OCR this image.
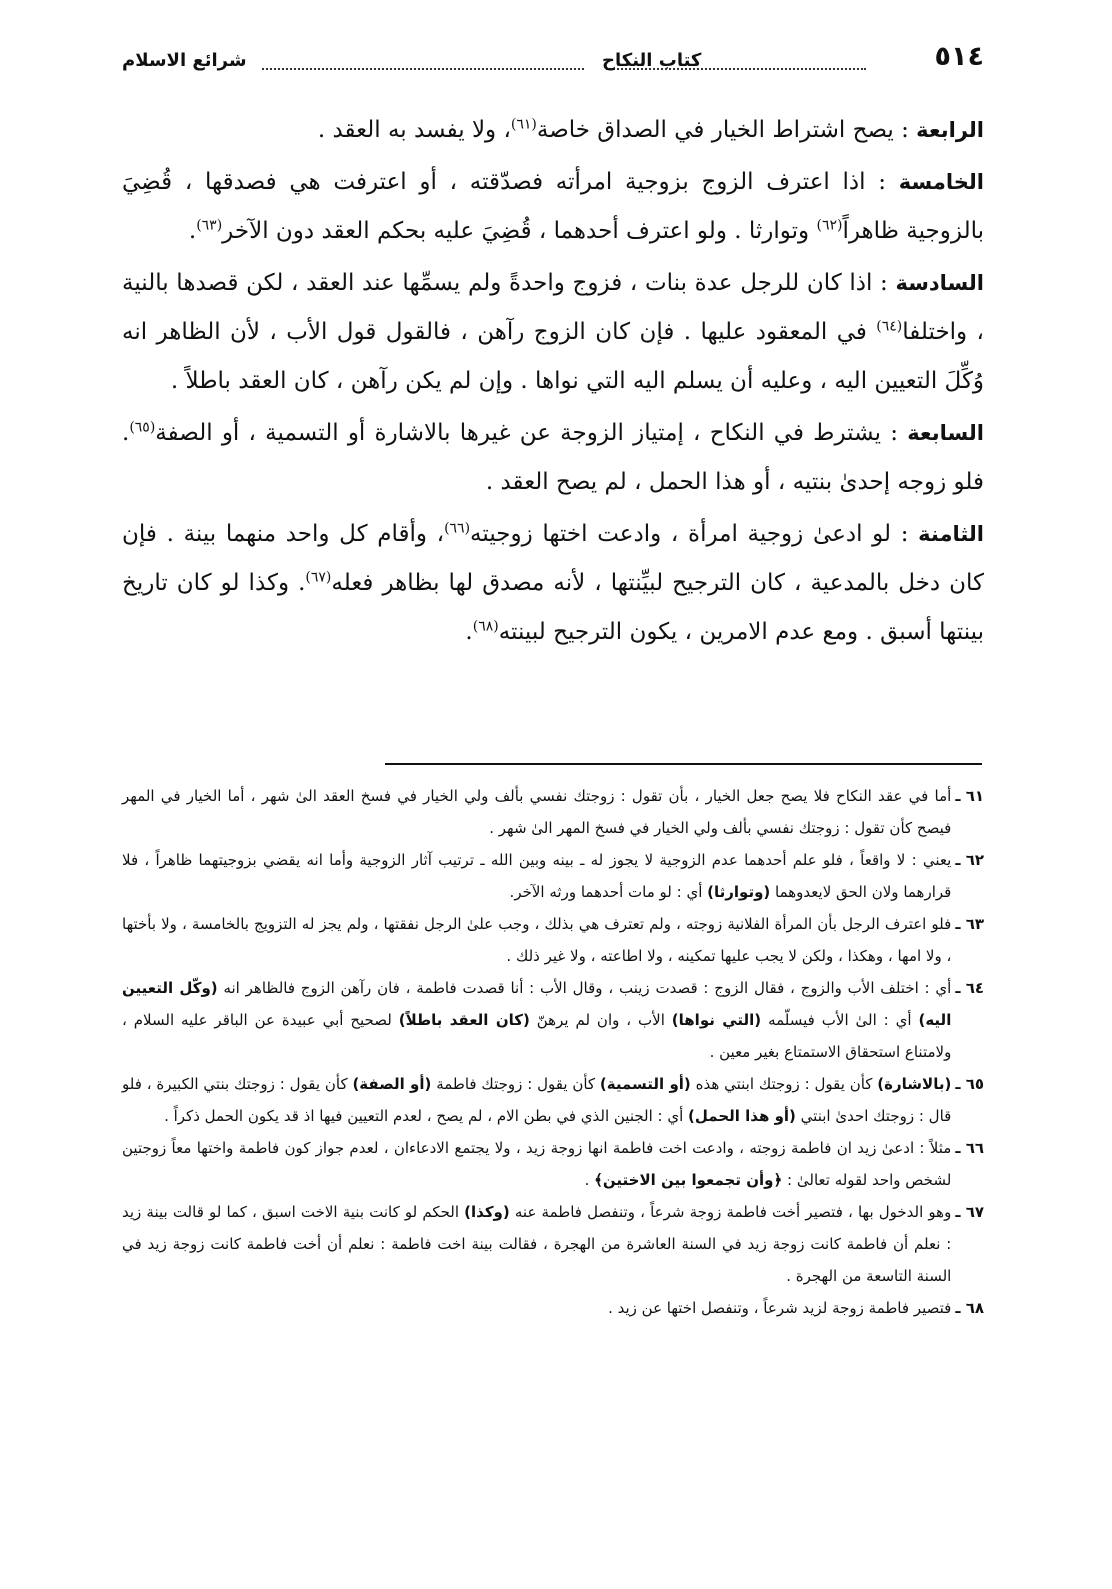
٥١٤
كتاب النكاح
شرائع الاسلام

الرابعة : يصح اشتراط الخيار في الصداق خاصة$^{(٦١)}$، ولا يفسد به العقد .

الخامسة : اذا اعترف الزوج بزوجية امرأته فصدّقته ، أو اعترفت هي فصدقها ، قُضِيَ بالزوجية ظاهراً$^{(٦٢)}$ وتوارثا . ولو اعترف أحدهما ، قُضِيَ عليه بحكم العقد دون الآخر$^{(٦٣)}$.

السادسة : اذا كان للرجل عدة بنات ، فزوج واحدةً ولم يسمِّها عند العقد ، لكن قصدها بالنية ، واختلفا$^{(٦٤)}$ في المعقود عليها . فإن كان الزوج رآهن ، فالقول قول الأب ، لأن الظاهر انه وُكِّلَ التعيين اليه ، وعليه أن يسلم اليه التي نواها . وإن لم يكن رآهن ، كان العقد باطلاً .

السابعة : يشترط في النكاح ، إمتياز الزوجة عن غيرها بالاشارة أو التسمية ، أو الصفة$^{(٦٥)}$. فلو زوجه إحدىٰ بنتيه ، أو هذا الحمل ، لم يصح العقد .

الثامنة : لو ادعىٰ زوجية امرأة ، وادعت اختها زوجيته$^{(٦٦)}$، وأقام كل واحد منهما بينة . فإن كان دخل بالمدعية ، كان الترجيح لبيِّنتها ، لأنه مصدق لها بظاهر فعله$^{(٦٧)}$. وكذا لو كان تاريخ بينتها أسبق . ومع عدم الامرين ، يكون الترجيح لبينته$^{(٦٨)}$.

٦١ ـ
أما في عقد النكاح فلا يصح جعل الخيار ، بأن تقول : زوجتك نفسي بألف ولي الخيار في فسخ العقد الىٰ شهر ، أما الخيار في المهر فيصح كأن تقول : زوجتك نفسي بألف ولي الخيار في فسخ المهر الىٰ شهر .
٦٢ ـ
يعني : لا واقعاً ، فلو علم أحدهما عدم الزوجية لا يجوز له ـ بينه وبين الله ـ ترتيب آثار الزوجية وأما انه يقضي بزوجيتهما ظاهراً ، فلا قرارهما ولان الحق لايعدوهما (وتوارثا) أي : لو مات أحدهما ورثه الآخر.
٦٣ ـ
فلو اعترف الرجل بأن المرأة الفلانية زوجته ، ولم تعترف هي بذلك ، وجب علىٰ الرجل نفقتها ، ولم يجز له التزويج بالخامسة ، ولا بأختها ، ولا امها ، وهكذا ، ولكن لا يجب عليها تمكينه ، ولا اطاعته ، ولا غير ذلك .
٦٤ ـ
أي : اختلف الأب والزوج ، فقال الزوج : قصدت زينب ، وقال الأب : أنا قصدت فاطمة ، فان رآهن الزوج فالظاهر انه (وكّل التعيين اليه) أي : الىٰ الأب فيسلّمه (التي نواها) الأب ، وان لم يرهنّ (كان العقد باطلاً) لصحيح أبي عبيدة عن الباقر عليه السلام ، ولامتناع استحقاق الاستمتاع بغير معين .
٦٥ ـ
(بالاشارة) كأن يقول : زوجتك ابنتي هذه (أو التسمية) كأن يقول : زوجتك فاطمة (أو الصفة) كأن يقول : زوجتك بنتي الكبيرة ، فلو قال : زوجتك احدىٰ ابنتي (أو هذا الحمل) أي : الجنين الذي في بطن الام ، لم يصح ، لعدم التعيين فيها اذ قد يكون الحمل ذكراً .
٦٦ ـ
مثلاً : ادعىٰ زيد ان فاطمة زوجته ، وادعت اخت فاطمة انها زوجة زيد ، ولا يجتمع الادعاءان ، لعدم جواز كون فاطمة واختها معاً زوجتين لشخص واحد لقوله تعالىٰ : ﴿وأن تجمعوا بين الاختين﴾ .
٦٧ ـ
وهو الدخول بها ، فتصير أخت فاطمة زوجة شرعاً ، وتنفصل فاطمة عنه (وكذا) الحكم لو كانت بنية الاخت اسبق ، كما لو قالت بينة زيد : نعلم أن فاطمة كانت زوجة زيد في السنة العاشرة من الهجرة ، فقالت بينة اخت فاطمة : نعلم أن أخت فاطمة كانت زوجة زيد في السنة التاسعة من الهجرة .
٦٨ ـ
فتصير فاطمة زوجة لزيد شرعاً ، وتنفصل اختها عن زيد .
